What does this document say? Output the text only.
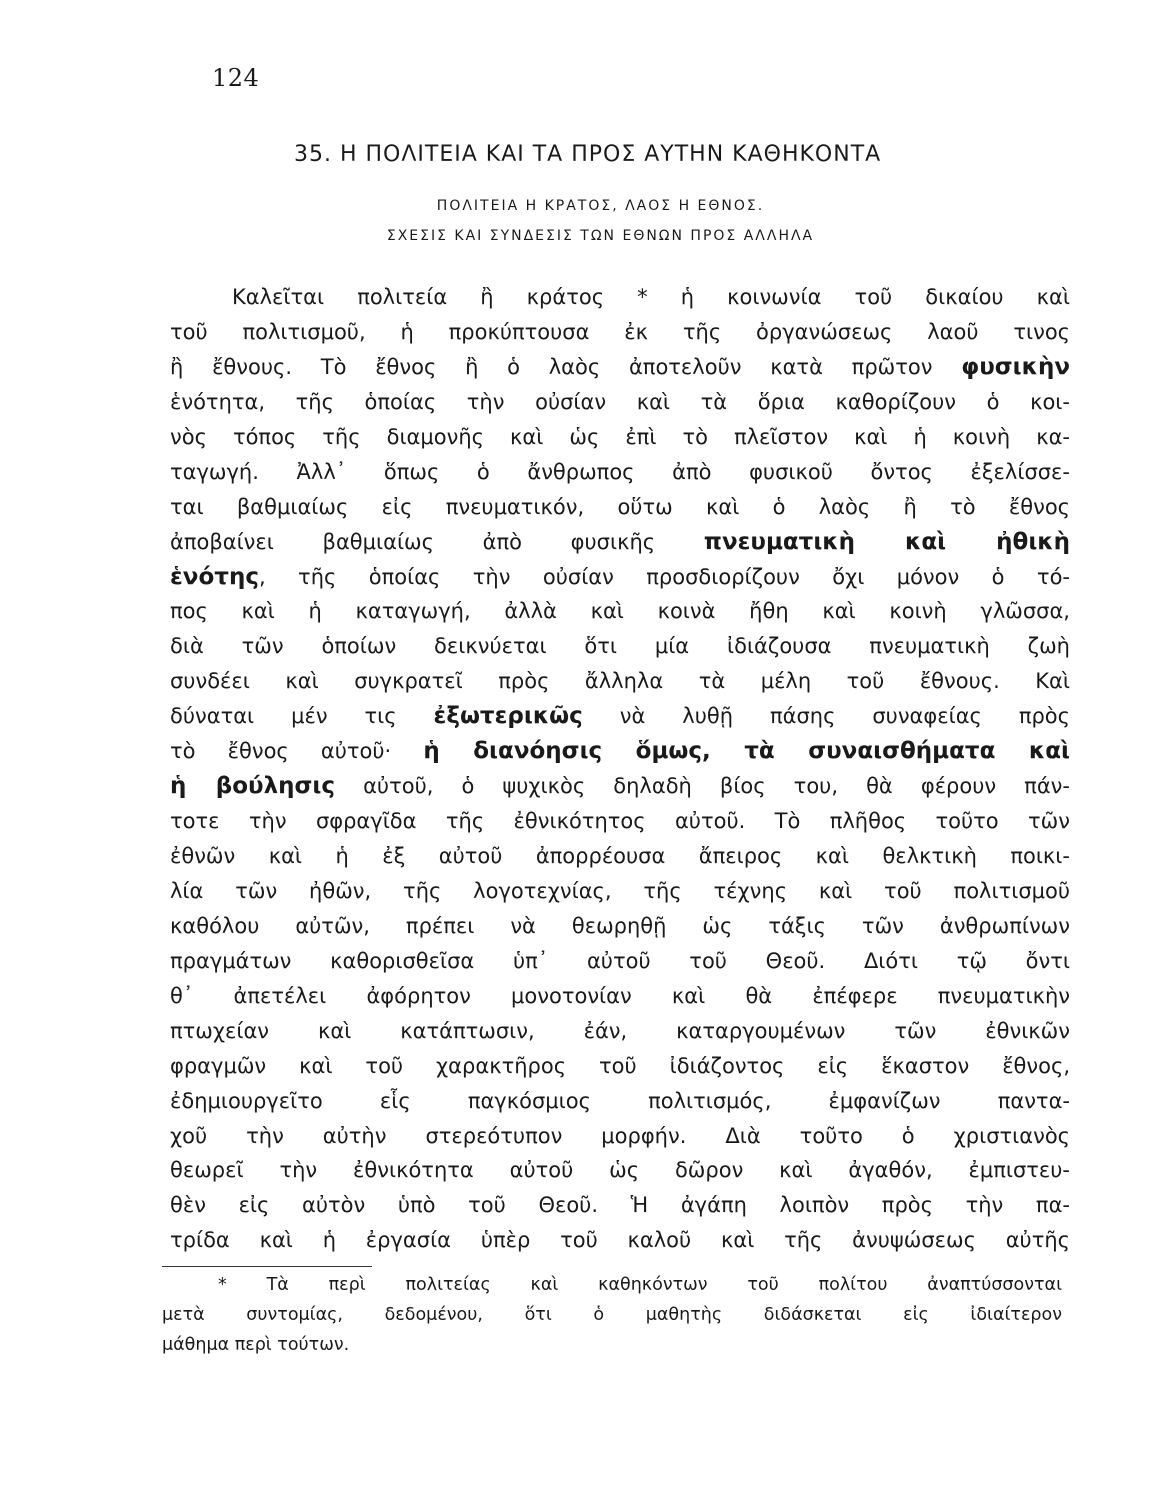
124
35. Η ΠΟΛΙΤΕΙΑ ΚΑΙ ΤΑ ΠΡΟΣ ΑΥΤΗΝ ΚΑΘΗΚΟΝΤΑ
ΠΟΛΙΤΕΙΑ Η ΚΡΑΤΟΣ, ΛΑΟΣ Η ΕΘΝΟΣ.
ΣΧΕΣΙΣ ΚΑΙ ΣΥΝΔΕΣΙΣ ΤΩΝ ΕΘΝΩΝ ΠΡΟΣ ΑΛΛΗΛΑ
Καλεῖται πολιτεία ἢ κράτος * ἡ κοινωνία τοῦ δικαίου καὶ
τοῦ πολιτισμοῦ, ἡ προκύπτουσα ἐκ τῆς ὀργανώσεως λαοῦ τινος
ἢ ἔθνους. Τὸ ἔθνος ἢ ὁ λαὸς ἀποτελοῦν κατὰ πρῶτον φυσικὴν
ἑνότητα, τῆς ὁποίας τὴν οὐσίαν καὶ τὰ ὅρια καθορίζουν ὁ κοι-
νὸς τόπος τῆς διαμονῆς καὶ ὡς ἐπὶ τὸ πλεῖστον καὶ ἡ κοινὴ κα-
ταγωγή. Ἀλλ᾽ ὅπως ὁ ἄνθρωπος ἀπὸ φυσικοῦ ὄντος ἐξελίσσε-
ται βαθμιαίως εἰς πνευματικόν, οὕτω καὶ ὁ λαὸς ἢ τὸ ἔθνος
ἀποβαίνει βαθμιαίως ἀπὸ φυσικῆς πνευματικὴ καὶ ἠθικὴ
ἑνότης, τῆς ὁποίας τὴν οὐσίαν προσδιορίζουν ὄχι μόνον ὁ τό-
πος καὶ ἡ καταγωγή, ἀλλὰ καὶ κοινὰ ἤθη καὶ κοινὴ γλῶσσα,
διὰ τῶν ὁποίων δεικνύεται ὅτι μία ἰδιάζουσα πνευματικὴ ζωὴ
συνδέει καὶ συγκρατεῖ πρὸς ἄλληλα τὰ μέλη τοῦ ἔθνους. Καὶ
δύναται μέν τις ἐξωτερικῶς νὰ λυθῇ πάσης συναφείας πρὸς
τὸ ἔθνος αὐτοῦ· ἡ διανόησις ὅμως, τὰ συναισθήματα καὶ
ἡ βούλησις αὐτοῦ, ὁ ψυχικὸς δηλαδὴ βίος του, θὰ φέρουν πάν-
τοτε τὴν σφραγῖδα τῆς ἐθνικότητος αὐτοῦ. Τὸ πλῆθος τοῦτο τῶν
ἐθνῶν καὶ ἡ ἐξ αὐτοῦ ἀπορρέουσα ἄπειρος καὶ θελκτικὴ ποικι-
λία τῶν ἠθῶν, τῆς λογοτεχνίας, τῆς τέχνης καὶ τοῦ πολιτισμοῦ
καθόλου αὐτῶν, πρέπει νὰ θεωρηθῇ ὡς τάξις τῶν ἀνθρωπίνων
πραγμάτων καθορισθεῖσα ὑπ᾽ αὐτοῦ τοῦ Θεοῦ. Διότι τῷ ὄντι
θ᾽ ἀπετέλει ἀφόρητον μονοτονίαν καὶ θὰ ἐπέφερε πνευματικὴν
πτωχείαν καὶ κατάπτωσιν, ἐάν, καταργουμένων τῶν ἐθνικῶν
φραγμῶν καὶ τοῦ χαρακτῆρος τοῦ ἰδιάζοντος εἰς ἕκαστον ἔθνος,
ἐδημιουργεῖτο εἷς παγκόσμιος πολιτισμός, ἐμφανίζων παντα-
χοῦ τὴν αὐτὴν στερεότυπον μορφήν. Διὰ τοῦτο ὁ χριστιανὸς
θεωρεῖ τὴν ἐθνικότητα αὐτοῦ ὡς δῶρον καὶ ἀγαθόν, ἐμπιστευ-
θὲν εἰς αὐτὸν ὑπὸ τοῦ Θεοῦ. Ἡ ἀγάπη λοιπὸν πρὸς τὴν πα-
τρίδα καὶ ἡ ἐργασία ὑπὲρ τοῦ καλοῦ καὶ τῆς ἀνυψώσεως αὐτῆς
* Τὰ περὶ πολιτείας καὶ καθηκόντων τοῦ πολίτου ἀναπτύσσονται
μετὰ συντομίας, δεδομένου, ὅτι ὁ μαθητὴς διδάσκεται εἰς ἰδιαίτερον
μάθημα περὶ τούτων.
